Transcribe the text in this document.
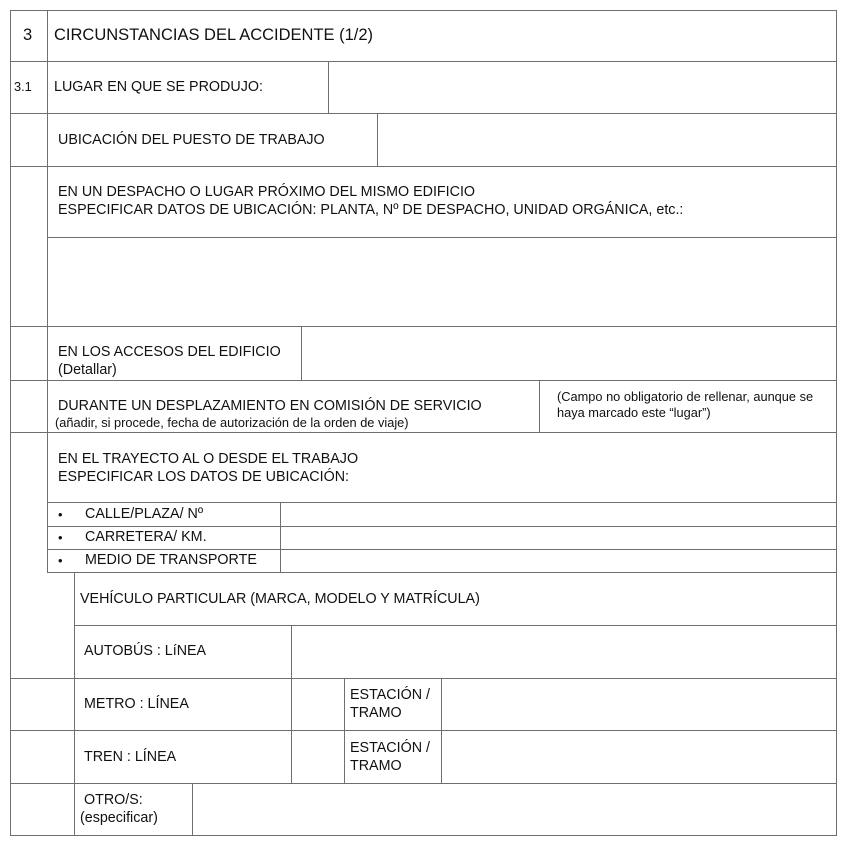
3 CIRCUNSTANCIAS DEL ACCIDENTE (1/2)
3.1 LUGAR EN QUE SE PRODUJO:
UBICACIÓN DEL PUESTO DE TRABAJO
EN UN DESPACHO O LUGAR PRÓXIMO DEL MISMO EDIFICIO
ESPECIFICAR DATOS DE UBICACIÓN: PLANTA, Nº DE DESPACHO, UNIDAD ORGÁNICA, etc.:
EN LOS ACCESOS DEL EDIFICIO
(Detallar)
DURANTE UN DESPLAZAMIENTO EN COMISIÓN DE SERVICIO
(añadir, si procede, fecha de autorización de la orden de viaje)
(Campo no obligatorio de rellenar, aunque se
haya marcado este “lugar”)
EN EL TRAYECTO AL O DESDE EL TRABAJO
ESPECIFICAR LOS DATOS DE UBICACIÓN:
• CALLE/PLAZA/ Nº
• CARRETERA/ KM.
• MEDIO DE TRANSPORTE
VEHÍCULO PARTICULAR (MARCA, MODELO Y MATRÍCULA)
AUTOBÚS : LíNEA
METRO : LÍNEA
ESTACIÓN /
TRAMO
TREN : LÍNEA
ESTACIÓN /
TRAMO
OTRO/S:
(especificar)
